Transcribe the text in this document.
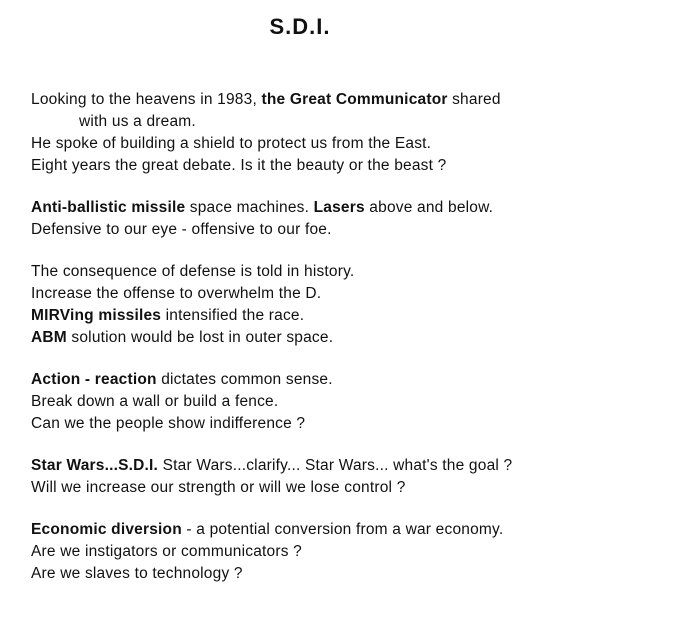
S.D.I.
Looking to the heavens in 1983, the Great Communicator shared
with us a dream.
He spoke of building a shield to protect us from the East.
Eight years the great debate. Is it the beauty or the beast ?
Anti-ballistic missile space machines. Lasers above and below.
Defensive to our eye - offensive to our foe.
The consequence of defense is told in history.
Increase the offense to overwhelm the D.
MIRVing missiles intensified the race.
ABM solution would be lost in outer space.
Action - reaction dictates common sense.
Break down a wall or build a fence.
Can we the people show indifference ?
Star Wars...S.D.I. Star Wars...clarify... Star Wars... what's the goal ?
Will we increase our strength or will we lose control ?
Economic diversion - a potential conversion from a war economy.
Are we instigators or communicators ?
Are we slaves to technology ?
